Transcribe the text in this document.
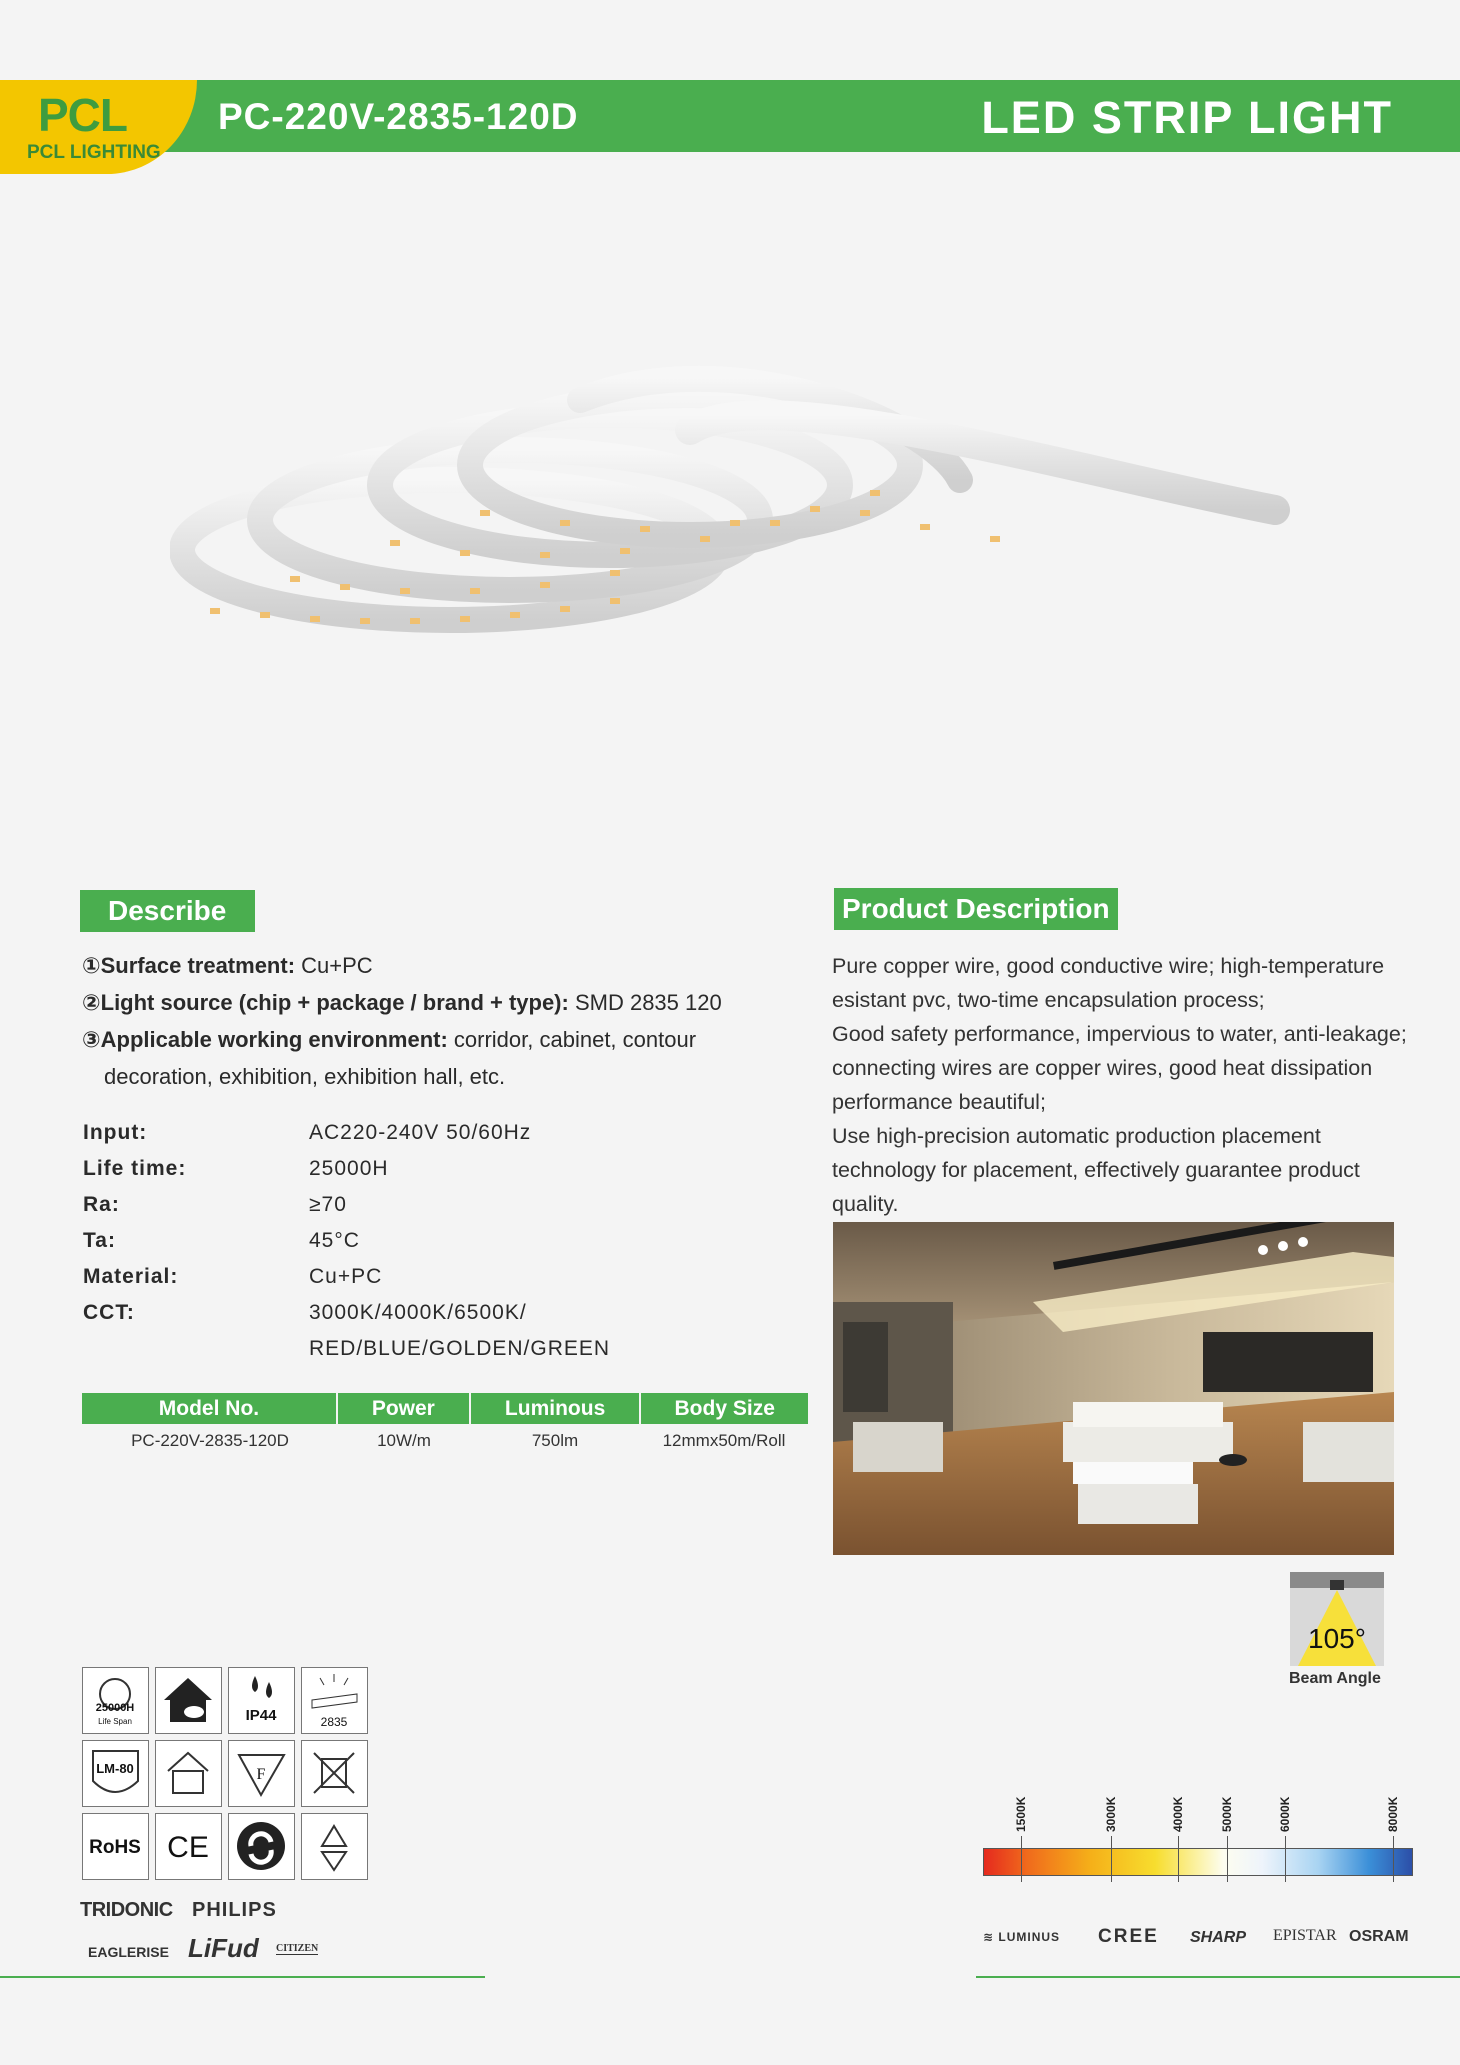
PCL
PCL LIGHTING
PC-220V-2835-120D	LED STRIP LIGHT
Describe
①Surface treatment: Cu+PC
②Light source (chip + package / brand + type): SMD 2835 120
③Applicable working environment: corridor, cabinet, contour
decoration, exhibition, exhibition hall, etc.
Input:	AC220-240V 50/60Hz
Life time:	25000H
Ra:	≥70
Ta:	45°C
Material:	Cu+PC
CCT:	3000K/4000K/6500K/
RED/BLUE/GOLDEN/GREEN
Model No.	Power	Luminous	Body Size
PC-220V-2835-120D	10W/m	750lm	12mmx50m/Roll
Product Description
Pure copper wire, good conductive wire; high-temperature
esistant pvc, two-time encapsulation process;
Good safety performance, impervious to water, anti-leakage;
connecting wires are copper wires, good heat dissipation
performance beautiful;
Use high-precision automatic production placement
technology for placement, effectively guarantee product
quality.
105°
Beam Angle
25000H
Life Span	IP44	2835
LM-80	F
RoHS CE
TRIDONIC PHILIPS
EAGLERISE LiFud CITIZEN
1500K	3000K	4000K	5000K	6000K	8000K
≋ LUMINUS CREE SHARP EPISTAR OSRAM
